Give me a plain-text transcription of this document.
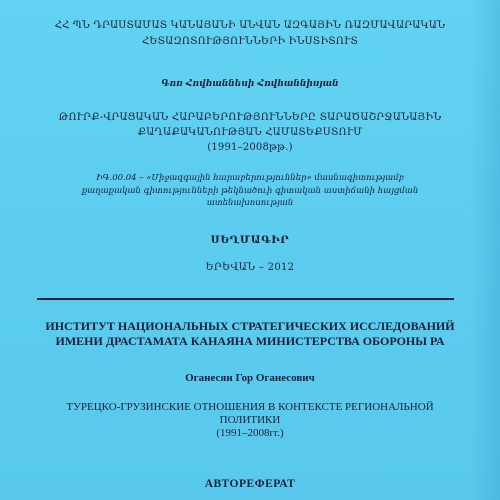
ՀՀ ՊՆ ԴՐԱՍՏԱՄԱՏ ԿԱՆԱՅԱՆԻ ԱՆՎԱՆ ԱԶԳԱՅԻՆ ՌԱԶՄԱՎԱՐԱԿԱՆ
ՀԵՏԱԶՈՏՈՒԹՅՈՒՆՆԵՐԻ ԻՆՍՏԻՏՈՒՏ

Գոռ Հովհաննեսի Հովհաննիսյան

ԹՈՒՐՔ-ՎՐԱՑԱԿԱՆ ՀԱՐԱԲԵՐՈՒԹՅՈՒՆՆԵՐԸ ՏԱՐԱԾԱՇՐՋԱՆԱՅԻՆ
ՔԱՂԱՔԱԿԱՆՈՒԹՅԱՆ ՀԱՄԱՏԵՔՍՏՈՒՄ
(1991–2008թթ.)
ԻԳ.00.04 – «Միջազգային հարաբերություններ» մասնագիտությամբ
քաղաքական գիտությունների թեկնածուի գիտական աստիճանի հայցման
ատենախոսության

ՍԵՂՄԱԳԻՐ

ԵՐԵՎԱՆ – 2012

ИНСТИТУТ НАЦИОНАЛЬНЫХ СТРАТЕГИЧЕСКИХ ИССЛЕДОВАНИЙ
ИМЕНИ ДРАСТАМАТА КАНАЯНА МИНИСТЕРСТВА ОБОРОНЫ РА

Оганесян Гор Оганесович

ТУРЕЦКО-ГРУЗИНСКИЕ ОТНОШЕНИЯ В КОНТЕКСТЕ РЕГИОНАЛЬНОЙ
ПОЛИТИКИ
(1991–2008гг.)

АВТОРЕФЕРАТ
